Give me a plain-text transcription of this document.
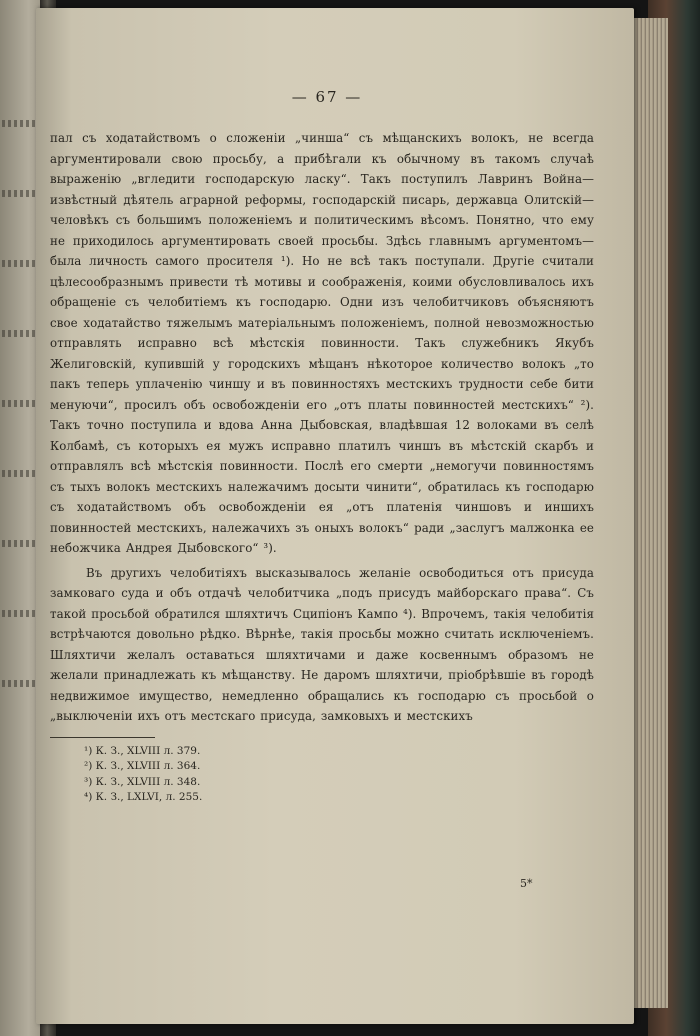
— 67 —

пал съ ходатайствомъ о сложеніи „чинша“ съ мѣщанскихъ волокъ, не всегда аргументировали свою просьбу, а прибѣгали къ обычному въ такомъ случаѣ выраженію „вгледити господарскую ласку“. Такъ поступилъ Лавринъ Война—извѣстный дѣятель аграрной реформы, господарскій писарь, державца Олитскій—человѣкъ съ большимъ положеніемъ и политическимъ вѣсомъ. Понятно, что ему не приходилось аргументировать своей просьбы. Здѣсь главнымъ аргументомъ—была личность самого просителя ¹). Но не всѣ такъ поступали. Другіе считали цѣлесообразнымъ привести тѣ мотивы и соображенія, коими обусловливалось ихъ обращеніе съ челобитіемъ къ господарю. Одни изъ челобитчиковъ объясняютъ свое ходатайство тяжелымъ матеріальнымъ положеніемъ, полной невозможностью отправлять исправно всѣ мѣстскія повинности. Такъ служебникъ Якубъ Желиговскій, купившій у городскихъ мѣщанъ нѣкоторое количество волокъ „то пакъ теперь уплаченію чиншу и въ повинностяхъ местскихъ трудности себе бити менуючи“, просилъ объ освобожденіи его „отъ платы повинностей местскихъ“ ²). Такъ точно поступила и вдова Анна Дыбовская, владѣвшая 12 волоками въ селѣ Колбамѣ, съ которыхъ ея мужъ исправно платилъ чиншъ въ мѣстскій скарбъ и отправлялъ всѣ мѣстскія повинности. Послѣ его смерти „немогучи повинностямъ съ тыхъ волокъ местскихъ належачимъ досыти чинити“, обратилась къ господарю съ ходатайствомъ объ освобожденіи ея „отъ платенія чиншовъ и иншихъ повинностей местскихъ, належачихъ зъ оныхъ волокъ“ ради „заслугъ малжонка ее небожчика Андрея Дыбовского“ ³).

Въ другихъ челобитіяхъ высказывалось желаніе освободиться отъ присуда замковаго суда и объ отдачѣ челобитчика „подъ присудъ майборскаго права“. Съ такой просьбой обратился шляхтичъ Сципіонъ Кампо ⁴). Впрочемъ, такія челобитія встрѣчаются довольно рѣдко. Вѣрнѣе, такія просьбы можно считать исключеніемъ. Шляхтичи желалъ оставаться шляхтичами и даже косвеннымъ образомъ не желали принадлежать къ мѣщанству. Не даромъ шляхтичи, пріобрѣвшіе въ городѣ недвижимое имущество, немедленно обращались къ господарю съ просьбой о „выключеніи ихъ отъ местскаго присуда, замковыхъ и местскихъ

¹) К. З., XLVIII л. 379.
²) К. З., XLVIII л. 364.
³) К. З., XLVIII л. 348.
⁴) К. З., LXLVI, л. 255.
5*
